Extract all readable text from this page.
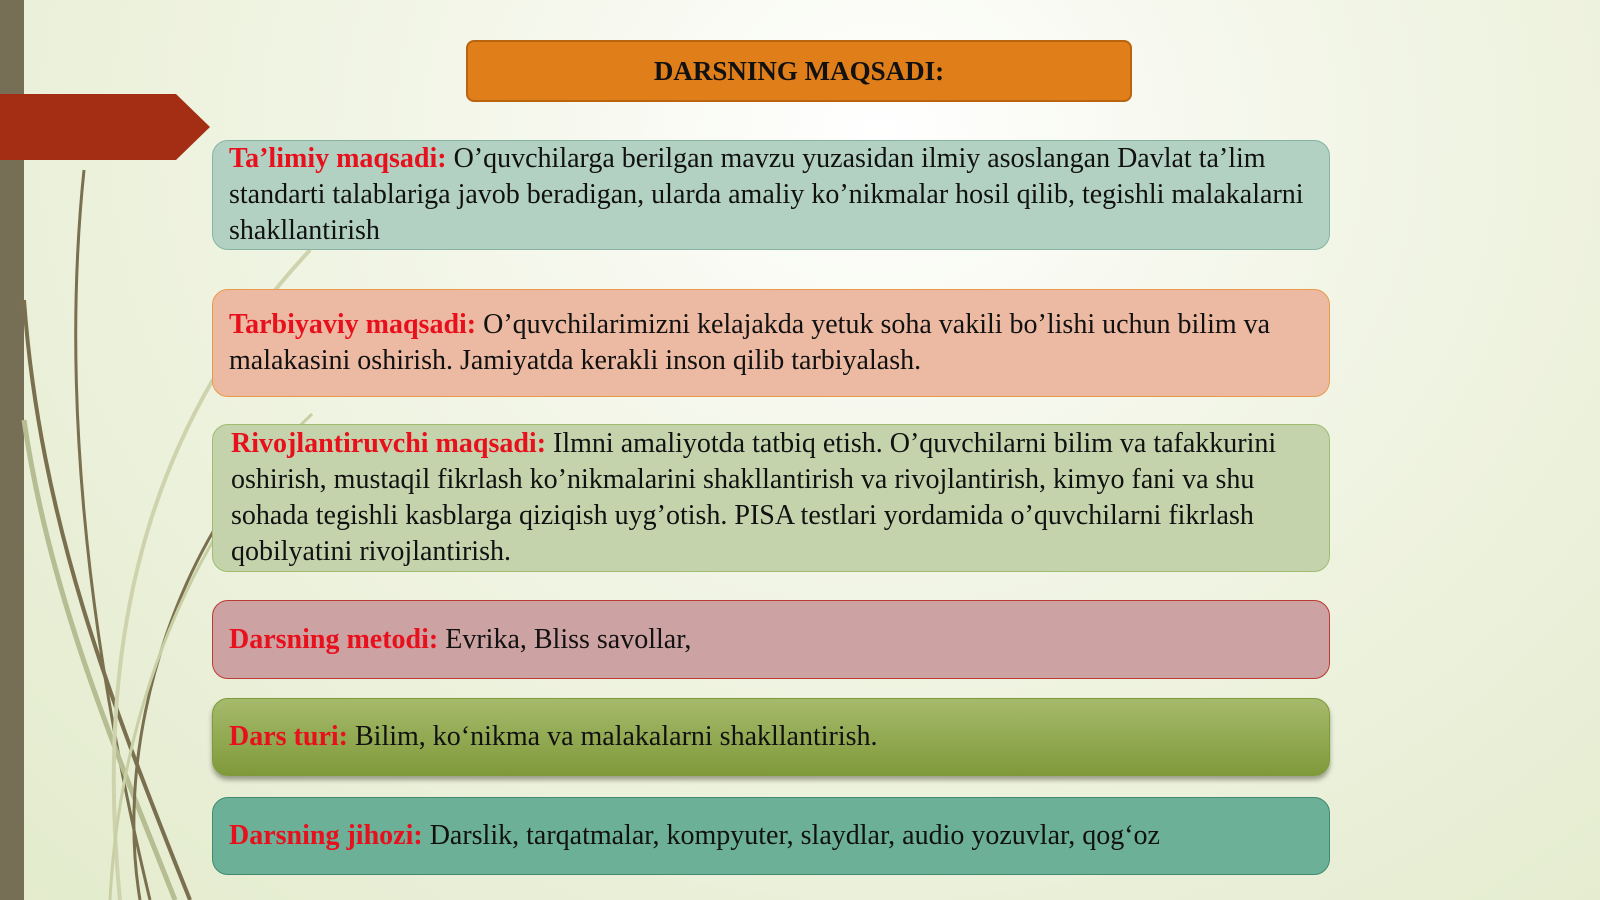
DARSNING MAQSADI:
Ta’limiy maqsadi: O’quvchilarga berilgan mavzu yuzasidan ilmiy asoslangan Davlat ta’lim standarti talablariga javob beradigan, ularda amaliy ko’nikmalar hosil qilib, tegishli malakalarni shakllantirish
Tarbiyaviy maqsadi: O’quvchilarimizni kelajakda yetuk soha vakili bo’lishi uchun bilim va malakasini oshirish. Jamiyatda kerakli inson qilib tarbiyalash.
Rivojlantiruvchi maqsadi: Ilmni amaliyotda tatbiq etish. O’quvchilarni bilim va tafakkurini oshirish, mustaqil fikrlash ko’nikmalarini shakllantirish va rivojlantirish, kimyo fani va shu sohada tegishli kasblarga qiziqish uyg’otish. PISA testlari yordamida o’quvchilarni fikrlash qobilyatini rivojlantirish.
Darsning metodi: Evrika, Bliss savollar,
Dars turi: Bilim, ko‘nikma va malakalarni shakllantirish.
Darsning jihozi: Darslik, tarqatmalar, kompyuter, slaydlar, audio yozuvlar, qog‘oz
